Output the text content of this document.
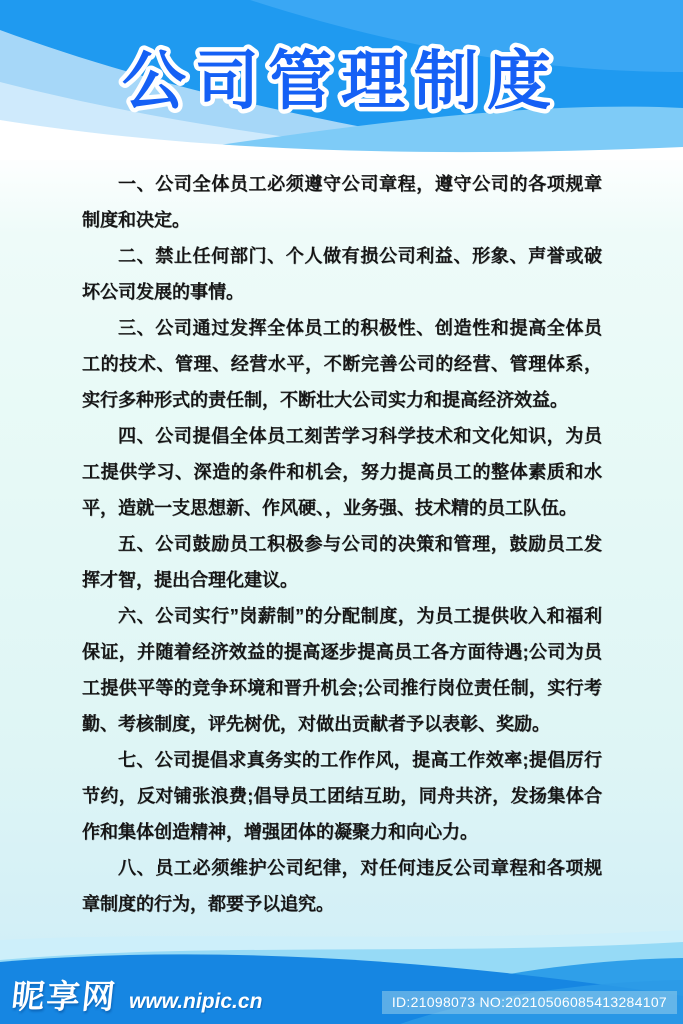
公司管理制度

一、公司全体员工必须遵守公司章程，遵守公司的各项规章制度和决定。

二、禁止任何部门、个人做有损公司利益、形象、声誉或破坏公司发展的事情。

三、公司通过发挥全体员工的积极性、创造性和提高全体员工的技术、管理、经营水平，不断完善公司的经营、管理体系，实行多种形式的责任制，不断壮大公司实力和提高经济效益。

四、公司提倡全体员工刻苦学习科学技术和文化知识，为员工提供学习、深造的条件和机会，努力提高员工的整体素质和水平，造就一支思想新、作风硬、，业务强、技术精的员工队伍。

五、公司鼓励员工积极参与公司的决策和管理，鼓励员工发挥才智，提出合理化建议。

六、公司实行”岗薪制”的分配制度，为员工提供收入和福利保证，并随着经济效益的提高逐步提高员工各方面待遇;公司为员工提供平等的竞争环境和晋升机会;公司推行岗位责任制，实行考勤、考核制度，评先树优，对做出贡献者予以表彰、奖励。

七、公司提倡求真务实的工作作风，提高工作效率;提倡厉行节约，反对铺张浪费;倡导员工团结互助，同舟共济，发扬集体合作和集体创造精神，增强团体的凝聚力和向心力。

八、员工必须维护公司纪律，对任何违反公司章程和各项规章制度的行为，都要予以追究。

昵享网 www.nipic.cn	ID:21098073 NO:20210506085413284107
